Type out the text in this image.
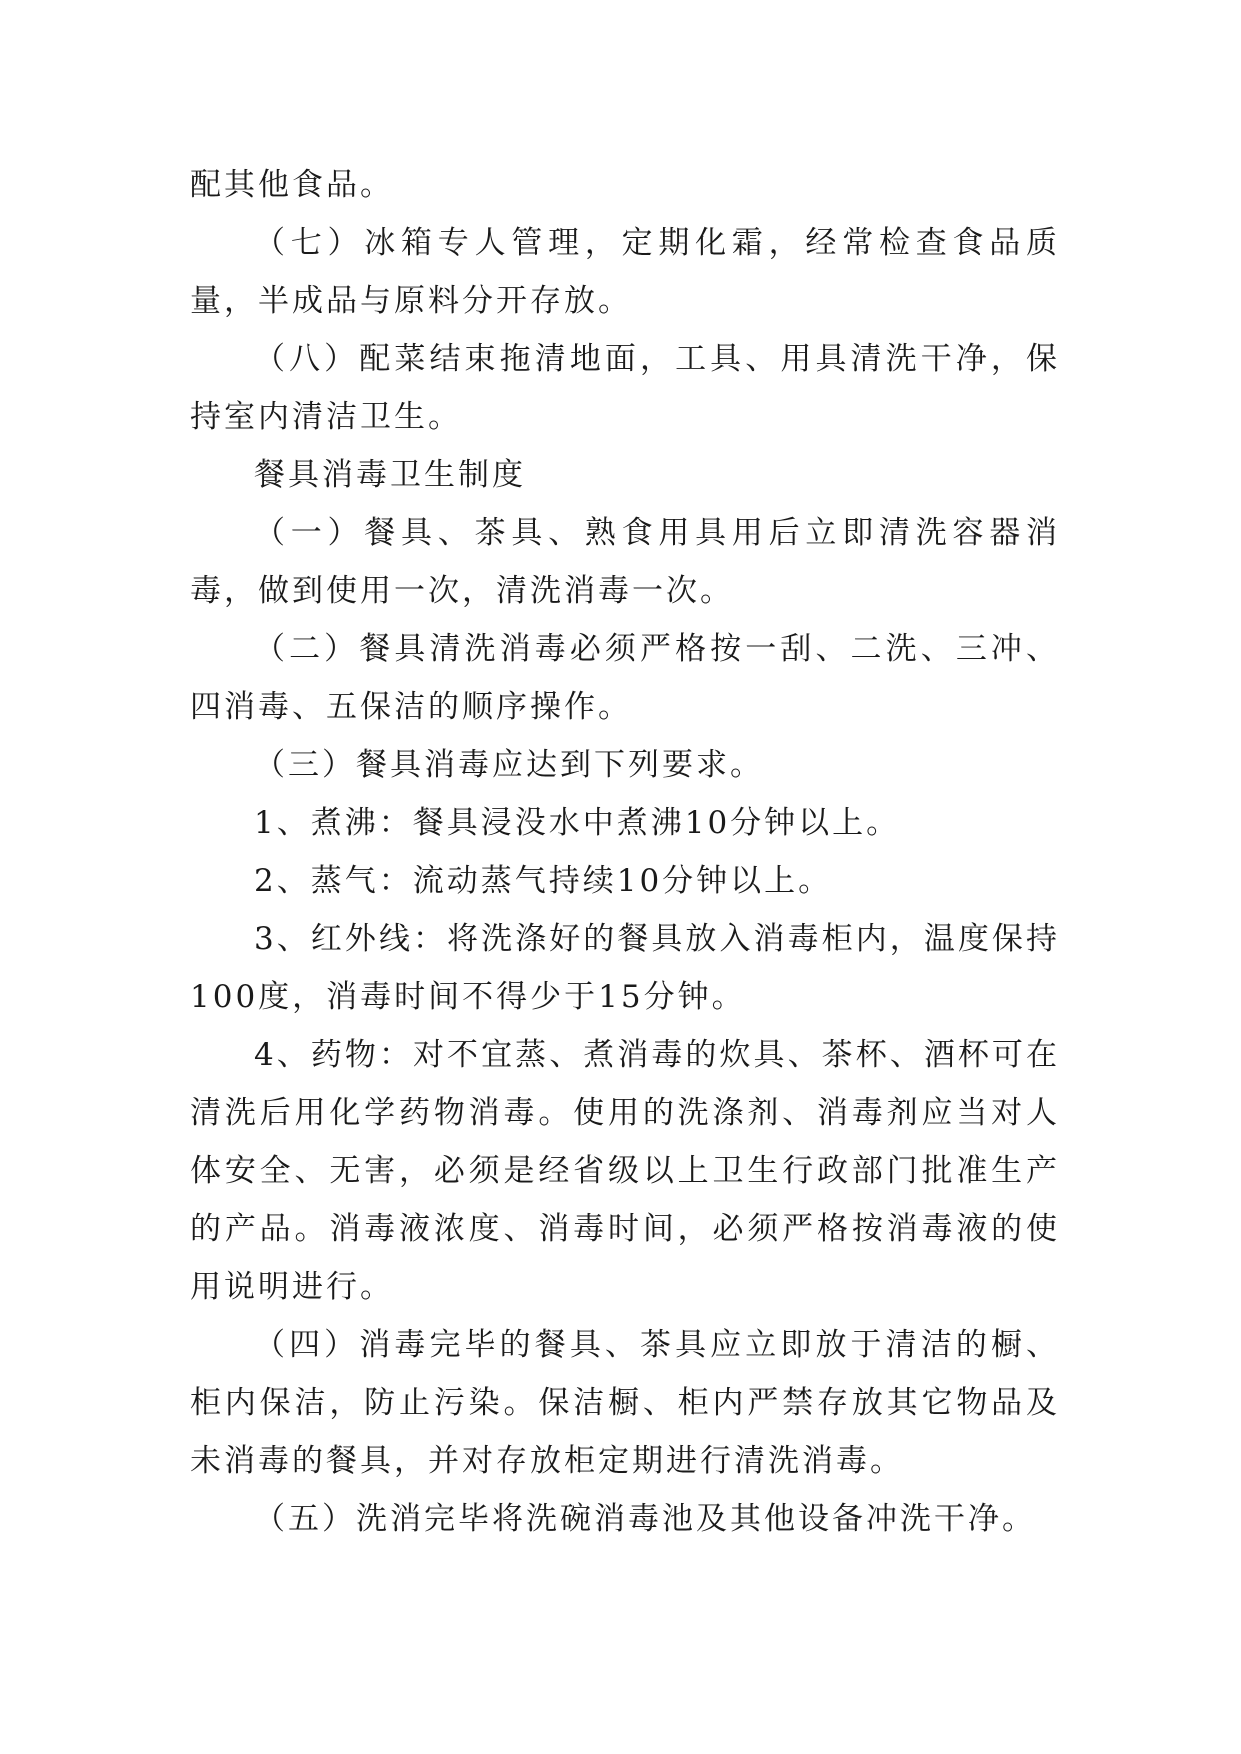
配其他食品。

（七）冰箱专人管理，定期化霜，经常检查食品质量，半成品与原料分开存放。

（八）配菜结束拖清地面，工具、用具清洗干净，保持室内清洁卫生。

餐具消毒卫生制度

（一）餐具、茶具、熟食用具用后立即清洗容器消毒，做到使用一次，清洗消毒一次。

（二）餐具清洗消毒必须严格按一刮、二洗、三冲、四消毒、五保洁的顺序操作。

（三）餐具消毒应达到下列要求。

1、煮沸：餐具浸没水中煮沸10分钟以上。

2、蒸气：流动蒸气持续10分钟以上。

3、红外线：将洗涤好的餐具放入消毒柜内，温度保持100度，消毒时间不得少于15分钟。

4、药物：对不宜蒸、煮消毒的炊具、茶杯、酒杯可在清洗后用化学药物消毒。使用的洗涤剂、消毒剂应当对人体安全、无害，必须是经省级以上卫生行政部门批准生产的产品。消毒液浓度、消毒时间，必须严格按消毒液的使用说明进行。

（四）消毒完毕的餐具、茶具应立即放于清洁的橱、柜内保洁，防止污染。保洁橱、柜内严禁存放其它物品及未消毒的餐具，并对存放柜定期进行清洗消毒。

（五）洗消完毕将洗碗消毒池及其他设备冲洗干净。
